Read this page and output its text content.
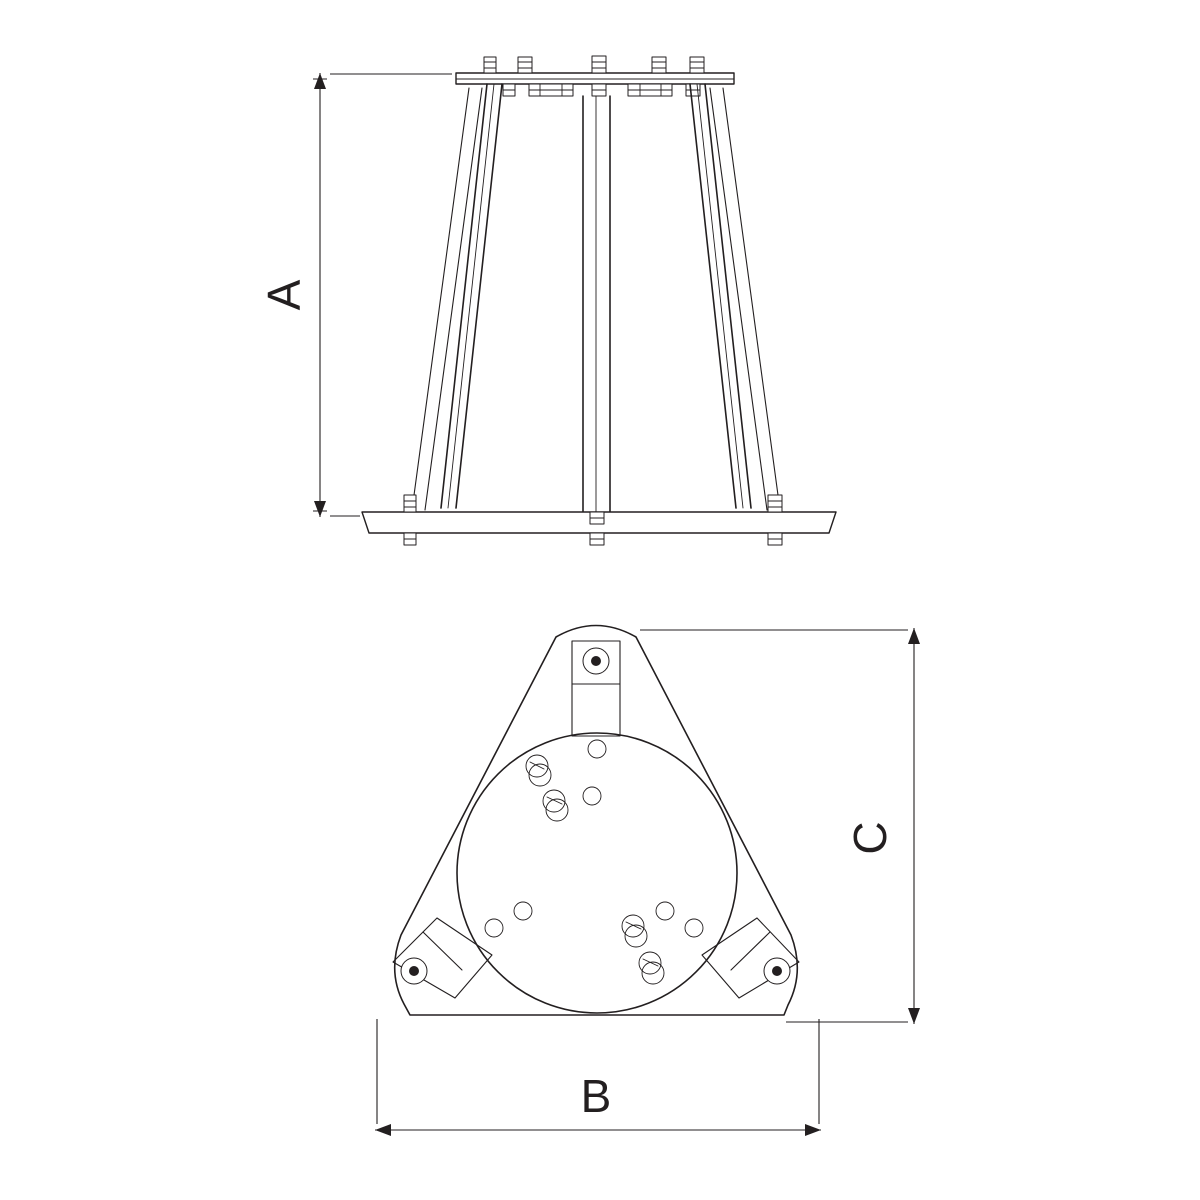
A
C
B
